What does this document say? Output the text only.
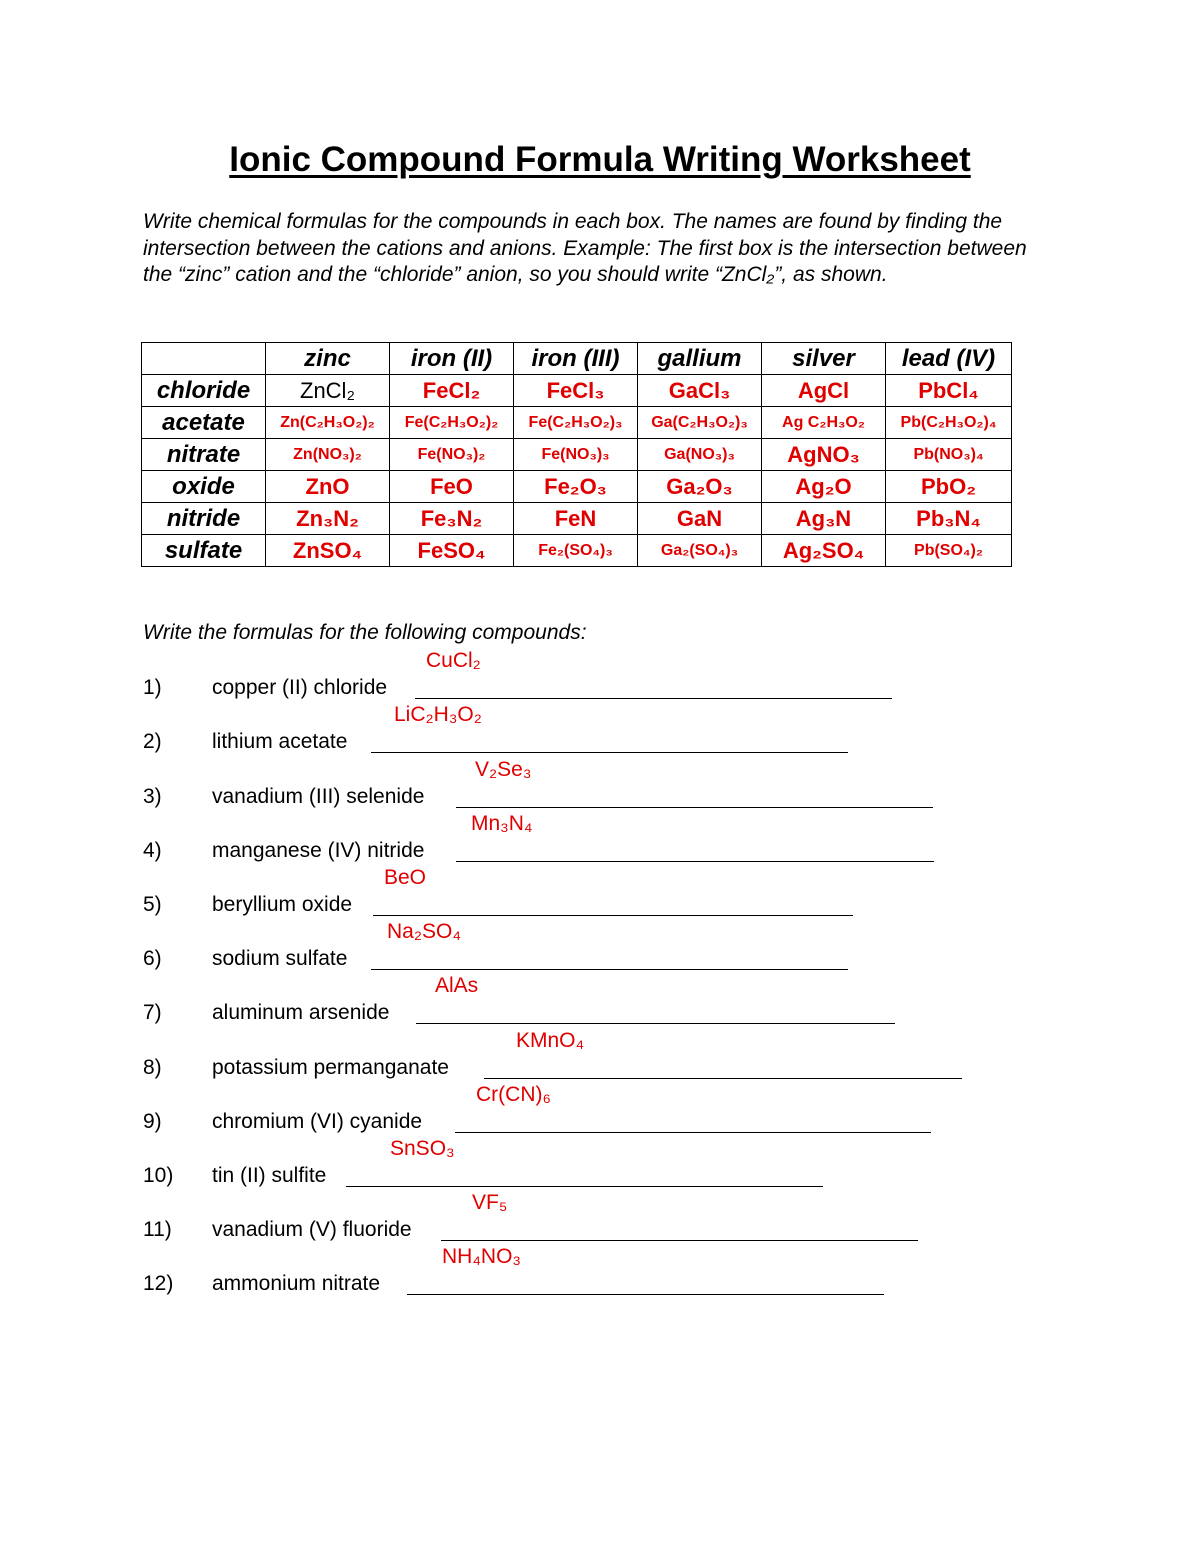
Ionic Compound Formula Writing Worksheet

Write chemical formulas for the compounds in each box. The names are found by finding the intersection between the cations and anions. Example: The first box is the intersection between the “zinc” cation and the “chloride” anion, so you should write “ZnCl₂”, as shown.

	zinc	iron (II)	iron (III)	gallium	silver	lead (IV)
chloride	ZnCl₂	FeCl₂	FeCl₃	GaCl₃	AgCl	PbCl₄
acetate	Zn(C₂H₃O₂)₂	Fe(C₂H₃O₂)₂	Fe(C₂H₃O₂)₃	Ga(C₂H₃O₂)₃	Ag C₂H₃O₂	Pb(C₂H₃O₂)₄
nitrate	Zn(NO₃)₂	Fe(NO₃)₂	Fe(NO₃)₃	Ga(NO₃)₃	AgNO₃	Pb(NO₃)₄
oxide	ZnO	FeO	Fe₂O₃	Ga₂O₃	Ag₂O	PbO₂
nitride	Zn₃N₂	Fe₃N₂	FeN	GaN	Ag₃N	Pb₃N₄
sulfate	ZnSO₄	FeSO₄	Fe₂(SO₄)₃	Ga₂(SO₄)₃	Ag₂SO₄	Pb(SO₄)₂

Write the formulas for the following compounds:

1) copper (II) chloride
CuCl₂
2) lithium acetate
LiC₂H₃O₂
3) vanadium (III) selenide
V₂Se₃
4) manganese (IV) nitride
Mn₃N₄
5) beryllium oxide
BeO
6) sodium sulfate
Na₂SO₄
7) aluminum arsenide
AlAs
8) potassium permanganate
KMnO₄
9) chromium (VI) cyanide
Cr(CN)₆
10) tin (II) sulfite
SnSO₃
11) vanadium (V) fluoride
VF₅
12) ammonium nitrate
NH₄NO₃
